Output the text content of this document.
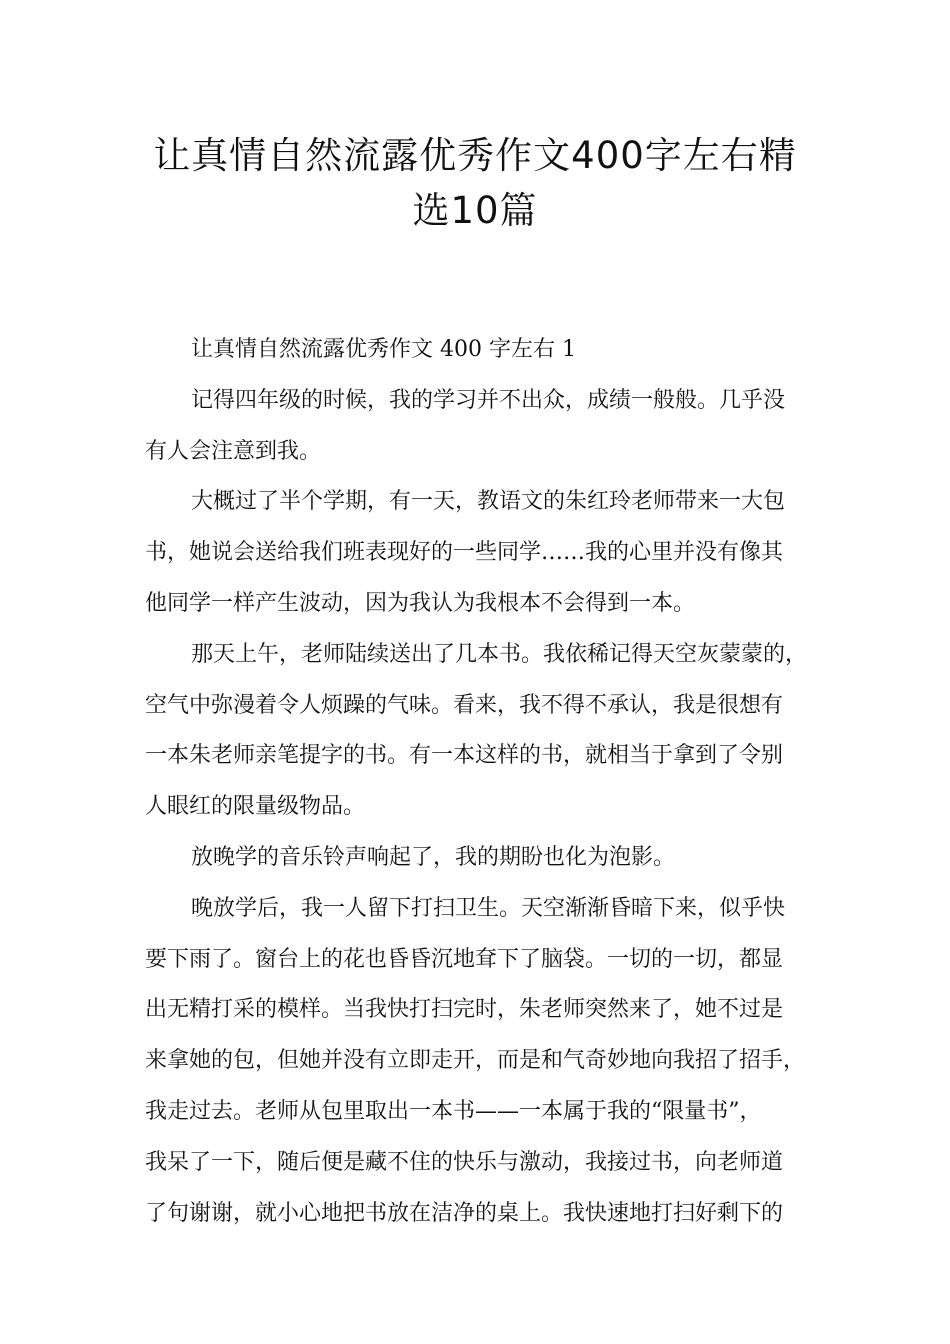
让真情自然流露优秀作文400字左右精
选10篇
让真情自然流露优秀作文 400 字左右 1
记得四年级的时候，我的学习并不出众，成绩一般般。几乎没
有人会注意到我。
大概过了半个学期，有一天，教语文的朱红玲老师带来一大包
书，她说会送给我们班表现好的一些同学……我的心里并没有像其
他同学一样产生波动，因为我认为我根本不会得到一本。
那天上午，老师陆续送出了几本书。我依稀记得天空灰蒙蒙的，
空气中弥漫着令人烦躁的气味。看来，我不得不承认，我是很想有
一本朱老师亲笔提字的书。有一本这样的书，就相当于拿到了令别
人眼红的限量级物品。
放晚学的音乐铃声响起了，我的期盼也化为泡影。
晚放学后，我一人留下打扫卫生。天空渐渐昏暗下来，似乎快
要下雨了。窗台上的花也昏昏沉地耷下了脑袋。一切的一切，都显
出无精打采的模样。当我快打扫完时，朱老师突然来了，她不过是
来拿她的包，但她并没有立即走开，而是和气奇妙地向我招了招手，
我走过去。老师从包里取出一本书——一本属于我的“限量书”，
我呆了一下，随后便是藏不住的快乐与激动，我接过书，向老师道
了句谢谢，就小心地把书放在洁净的桌上。我快速地打扫好剩下的
